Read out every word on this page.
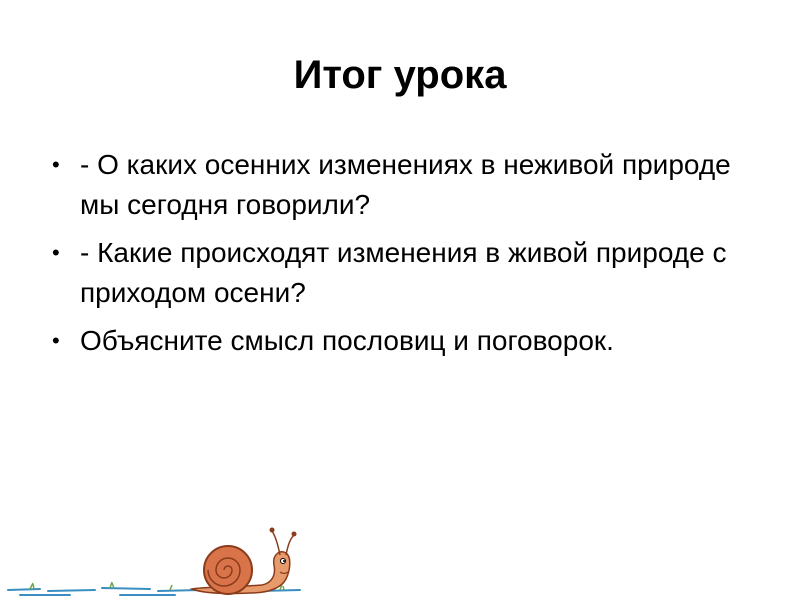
Итог урока
• - О каких осенних изменениях в неживой природе мы сегодня говорили?
• - Какие происходят изменения в живой природе с приходом осени?
• Объясните смысл пословиц и поговорок.
